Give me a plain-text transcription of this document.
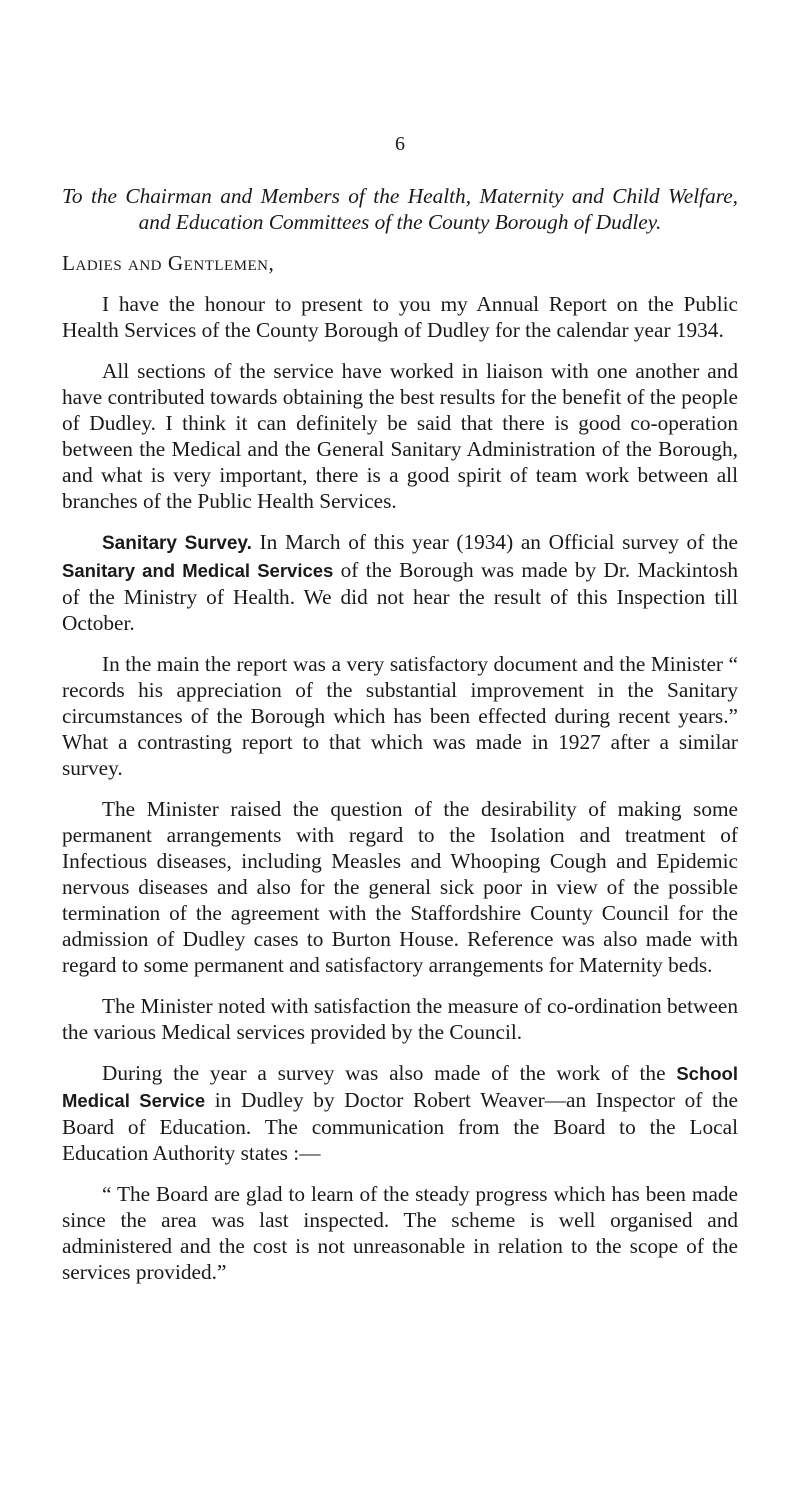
6

To the Chairman and Members of the Health, Maternity and Child Welfare, and Education Committees of the County Borough of Dudley.

Ladies and Gentlemen,

I have the honour to present to you my Annual Report on the Public Health Services of the County Borough of Dudley for the calendar year 1934.

All sections of the service have worked in liaison with one another and have contributed towards obtaining the best results for the benefit of the people of Dudley. I think it can definitely be said that there is good co-operation between the Medical and the General Sanitary Administration of the Borough, and what is very important, there is a good spirit of team work between all branches of the Public Health Services.

Sanitary Survey. In March of this year (1934) an Official survey of the Sanitary and Medical Services of the Borough was made by Dr. Mackintosh of the Ministry of Health. We did not hear the result of this Inspection till October.

In the main the report was a very satisfactory document and the Minister “ records his appreciation of the substantial improvement in the Sanitary circumstances of the Borough which has been effected during recent years.” What a contrasting report to that which was made in 1927 after a similar survey.

The Minister raised the question of the desirability of making some permanent arrangements with regard to the Isolation and treatment of Infectious diseases, including Measles and Whooping Cough and Epidemic nervous diseases and also for the general sick poor in view of the possible termination of the agreement with the Staffordshire County Council for the admission of Dudley cases to Burton House. Reference was also made with regard to some permanent and satisfactory arrangements for Maternity beds.

The Minister noted with satisfaction the measure of co-ordination between the various Medical services provided by the Council.

During the year a survey was also made of the work of the School Medical Service in Dudley by Doctor Robert Weaver—an Inspector of the Board of Education. The communication from the Board to the Local Education Authority states :—

“ The Board are glad to learn of the steady progress which has been made since the area was last inspected. The scheme is well organised and administered and the cost is not unreasonable in relation to the scope of the services provided.”
